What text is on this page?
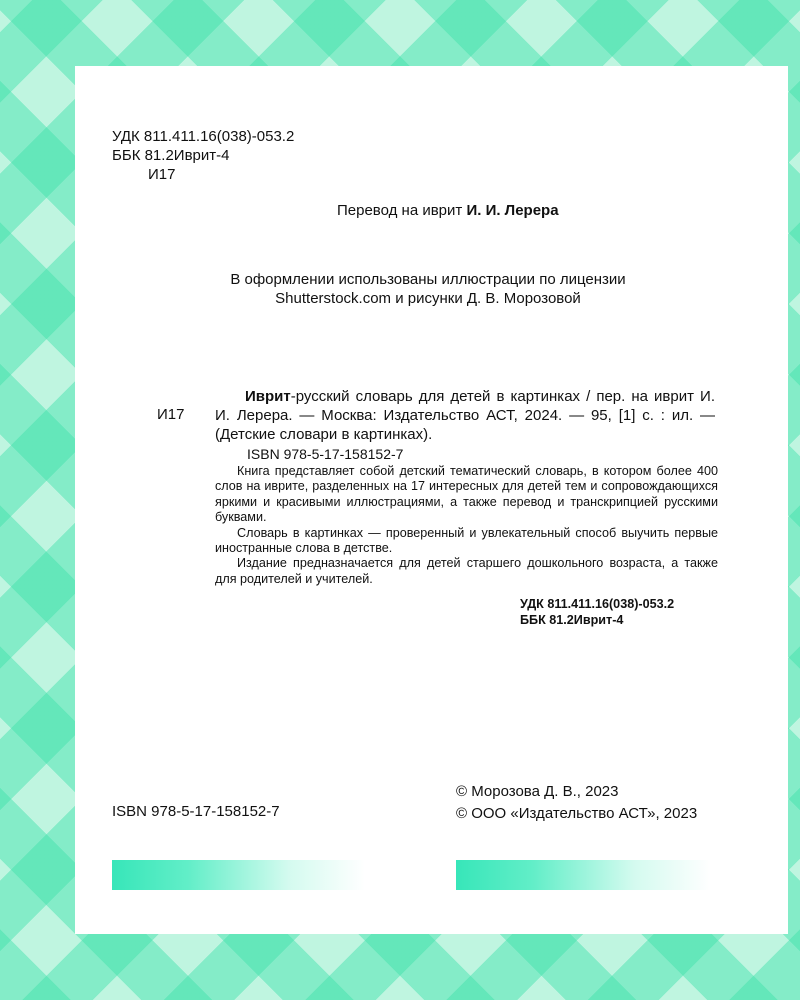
УДК 811.411.16(038)-053.2
ББК 81.2Иврит-4
И17
Перевод на иврит И. И. Лерера
В оформлении использованы иллюстрации по лицензии
Shutterstock.com и рисунки Д. В. Морозовой
И17
Иврит-русский словарь для детей в картинках / пер. на иврит И. И. Лерера. — Москва: Издательство АСТ, 2024. — 95, [1] с. : ил. — (Детские словари в картинках).
ISBN 978-5-17-158152-7

Книга представляет собой детский тематический словарь, в котором более 400 слов на иврите, разделенных на 17 интересных для детей тем и сопровождающихся яркими и красивыми иллюстрациями, а также перевод и транскрипцией русскими буквами.

Словарь в картинках — проверенный и увлекательный способ выучить первые иностранные слова в детстве.

Издание предназначается для детей старшего дошкольного возраста, а также для родителей и учителей.

УДК 811.411.16(038)-053.2
ББК 81.2Иврит-4
ISBN 978-5-17-158152-7
© Морозова Д. В., 2023
© ООО «Издательство АСТ», 2023
